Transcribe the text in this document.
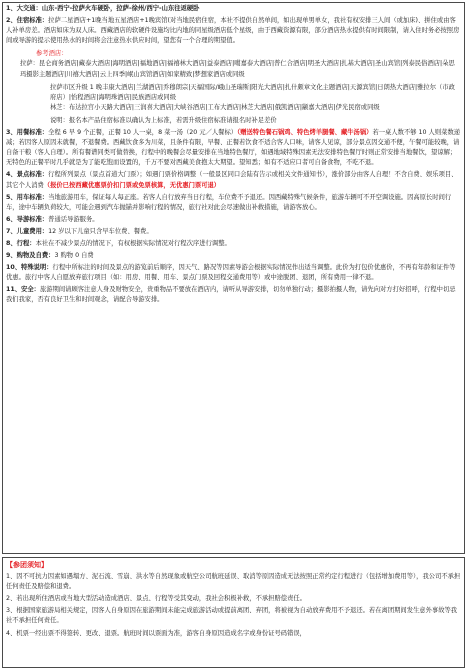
1、大交通：山东-西宁-拉萨火车硬卧，拉萨-徐州/西宁-山东往返硬卧

2、住宿标准：拉萨二星酒店+1晚当地五星酒店+1晚宾馆(对当地民宿住宿，本社不提供自然单间，如出现单男单女，我社有权安排三人间（或加床)、拼住或由客人补单房差。酒店如床为双人床。西藏酒店的软硬件设施均比内地的同星级酒店低个星级，由于西藏资源有限，部分酒店热水提供有时间限制，请入住时务必按照房间或导游的提示使用热水的时间将会注意热水供应时间，望您有一个合理的期望值。

参考酒店：

拉萨：昆仑商务酒店|藏泰大酒店|海明酒店|福地酒店|福禧林大酒店|益泰酒店|噶嘉泰大酒店|普仁合酒店|明圣大酒店|扎基大酒店|圣山宾馆|列泰民俗酒店|朵思玛摄影主题酒店|川禧大酒店|云上四季|岷山宾馆酒店|如家精致|梦想家酒店或同级

拉萨市区升级 1 晚丰康大酒店|兰湖酒店|乔穆朗宗|天福国际/峨山圣瑞斯|阳光大酒店|扎什颇章文化主题酒店|天源宾馆|日朗热大酒店|雅拉尔（市政府店）|怡程酒店|海明珠酒店|民族酒店或同级

林芝：布达拉宫小天路大酒店|三润喜大酒店|大峡谷酒店|工布大酒店|林芝大酒店|俄凯酒店|颛嘉大酒店|伊光民宿或同级

说明：报名本产品住宿标准以确认为上标准，若需升级住宿标准请报名时补足差价

3、用餐标准：全程 6 早 9 个正餐，正餐 10 人一桌，8 菜一汤（20 元／人餐标）（赠送特色餐石锅鸡、特色烤羊腿餐、藏牛汤锅）若一桌人数不够 10 人则菜数递减；若因客人原因未就餐，不退餐费。西藏饮食多为川菜，且条件有限，早餐、正餐若饮食不适合客人口味，请客人见谅，部分景点因交通不便，午餐可能较晚，请自备干粮（客人自理）。所有餐谱同类可做替换，行程中的晚餐会尽量安排在当地特色餐厅，如遇地域特殊因素无法安排特色餐厅时则正常安排当地餐饮，望谅解；无特色的正餐平时几乎就是为了能吃饱而设置的，千万不要对西藏美食抱太大期望。望知悉；如有不适应口者可自备食物，不吃不退。

4、景点标准：行程所列景点（景点首道大门票）；如遇门票价格调整（一般景区同口会陆有告示或相关文件通知书），涨价部分由客人自理！不含自费、娱乐项目、其它个人消费（报价已按西藏优惠票价扣门票或免票核算，无优惠门票可退）

5、用车标准：当地旅游用车，保证每人每正座。若客人自行放弃当日行程，车位费不予退还。因西藏特殊气候条件，旅游车辆可不开空调设施。因高原长时间行车，途中车辆负荷较大，可能会遇到汽车抛锚并影响行程的情况，旅行社对此会尽速做出补救措施，请游客放心。

6、导游标准：普通话导游服务。

7、儿童费用：12 岁以下儿童只含早车位费、餐费。

8、行程：本社在不减少景点的情况下，有权根据实际情况对行程次序进行调整。

9、购物及自费：3 购物 0 自费

10、特殊说明：行程中所标注的时间及景点的游览前后顺序，因天气、路况等因素导游会根据实际情况作出适当调整。此价为打包价优惠价，不再有年龄和证件等优惠。旅行中客人自愿放弃旅行项目（如：用房、用餐、用车、景点门票及回程交通费用等）或中途脱团、退团，所有费用一律不退。

11、安全：旅游期间请顾客注意人身及财物安全，贵重物品不要放在酒店内，请听从导游安排，切勿单独行动；摄影拍摄人物，请先向对方打好招呼，行程中切忌我们我家，否有良好卫生和时间观念，请配合导游安排。

【参团须知】

1、因不可抗力因素如遇塌方、泥石流、雪崩、洪水等自然现象或航空公司航班延误、取消等原因造成无法按照正常约定行程进行（包括增加费用等），我公司不承担任何责任及赔偿和退费。

2、若出现所住酒店或当地大型活动造成酒店、景点、行程等受其变动，我社会积极补救，不承担赔偿责任。

3、根据国家旅游局相关规定，因客人自身原因在旅游期间未能完成旅游活动或提前离团、弃团，将被视为自动放弃费用不予退还。若在离团期间发生意外事故等我社不承担任何责任。

4、机票一经出票不得签转、更改、退票。航班时间以票面为准，游客自身原因造成名字或身份证号码错误，
